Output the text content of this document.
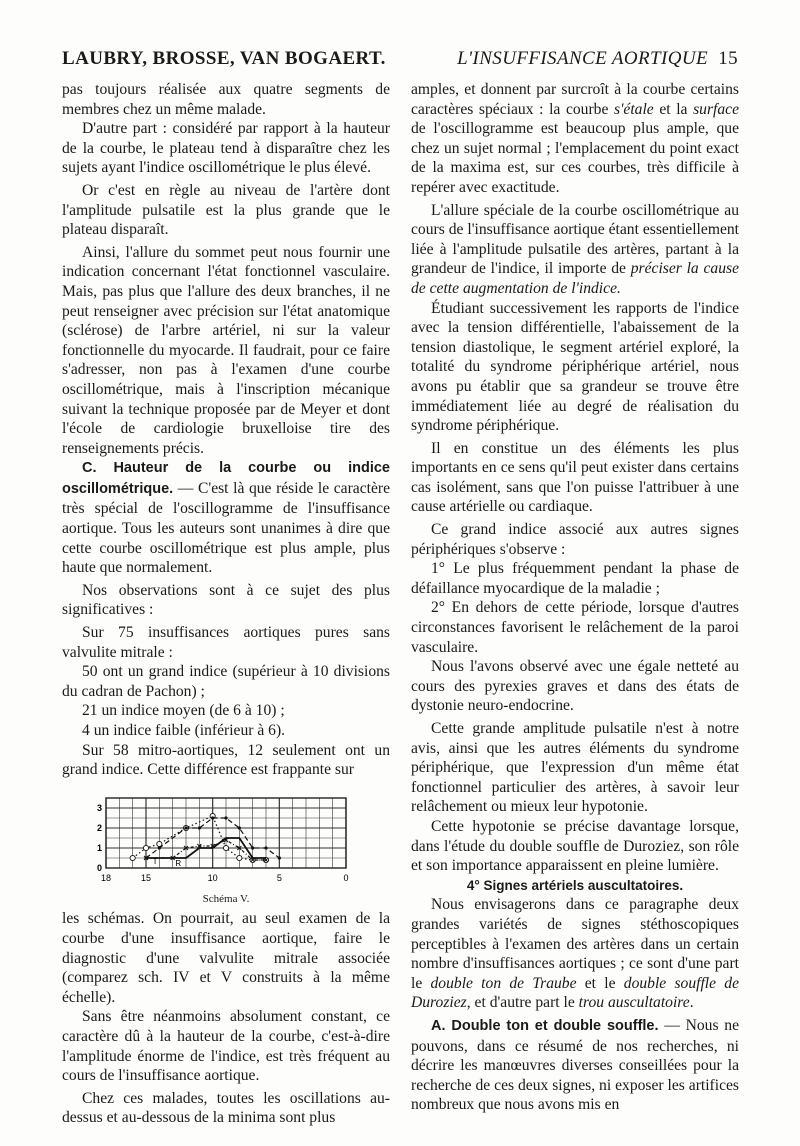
LAUBRY, BROSSE, VAN BOGAERT.	L'INSUFFISANCE AORTIQUE 15

pas toujours réalisée aux quatre segments de membres chez un même malade.

D'autre part : considéré par rapport à la hauteur de la courbe, le plateau tend à disparaître chez les sujets ayant l'indice oscillométrique le plus élevé.

Or c'est en règle au niveau de l'artère dont l'amplitude pulsatile est la plus grande que le plateau disparaît.

Ainsi, l'allure du sommet peut nous fournir une indication concernant l'état fonctionnel vasculaire. Mais, pas plus que l'allure des deux branches, il ne peut renseigner avec précision sur l'état anatomique (sclérose) de l'arbre artériel, ni sur la valeur fonctionnelle du myocarde. Il faudrait, pour ce faire s'adresser, non pas à l'examen d'une courbe oscillométrique, mais à l'inscription mécanique suivant la technique proposée par de Meyer et dont l'école de cardiologie bruxelloise tire des renseignements précis.

C. Hauteur de la courbe ou indice oscillométrique. — C'est là que réside le caractère très spécial de l'oscillogramme de l'insuffisance aortique. Tous les auteurs sont unanimes à dire que cette courbe oscillométrique est plus ample, plus haute que normalement.

Nos observations sont à ce sujet des plus significatives :

Sur 75 insuffisances aortiques pures sans valvulite mitrale :

50 ont un grand indice (supérieur à 10 divisions du cadran de Pachon) ;

21 un indice moyen (de 6 à 10) ;

4 un indice faible (inférieur à 6).

Sur 58 mitro-aortiques, 12 seulement ont un grand indice. Cette différence est frappante sur

18	15	10	5	0
0
1
2
3
T R

Schéma V.

les schémas. On pourrait, au seul examen de la courbe d'une insuffisance aortique, faire le diagnostic d'une valvulite mitrale associée (comparez sch. IV et V construits à la même échelle).

Sans être néanmoins absolument constant, ce caractère dû à la hauteur de la courbe, c'est-à-dire l'amplitude énorme de l'indice, est très fréquent au cours de l'insuffisance aortique.

Chez ces malades, toutes les oscillations au-dessus et au-dessous de la minima sont plus

amples, et donnent par surcroît à la courbe certains caractères spéciaux : la courbe s'étale et la surface de l'oscillogramme est beaucoup plus ample, que chez un sujet normal ; l'emplacement du point exact de la maxima est, sur ces courbes, très difficile à repérer avec exactitude.

L'allure spéciale de la courbe oscillométrique au cours de l'insuffisance aortique étant essentiellement liée à l'amplitude pulsatile des artères, partant à la grandeur de l'indice, il importe de préciser la cause de cette augmentation de l'indice.

Étudiant successivement les rapports de l'indice avec la tension différentielle, l'abaissement de la tension diastolique, le segment artériel exploré, la totalité du syndrome périphérique artériel, nous avons pu établir que sa grandeur se trouve être immédiatement liée au degré de réalisation du syndrome périphérique.

Il en constitue un des éléments les plus importants en ce sens qu'il peut exister dans certains cas isolément, sans que l'on puisse l'attribuer à une cause artérielle ou cardiaque.

Ce grand indice associé aux autres signes périphériques s'observe :

1° Le plus fréquemment pendant la phase de défaillance myocardique de la maladie ;

2° En dehors de cette période, lorsque d'autres circonstances favorisent le relâchement de la paroi vasculaire.

Nous l'avons observé avec une égale netteté au cours des pyrexies graves et dans des états de dystonie neuro-endocrine.

Cette grande amplitude pulsatile n'est à notre avis, ainsi que les autres éléments du syndrome périphérique, que l'expression d'un même état fonctionnel particulier des artères, à savoir leur relâchement ou mieux leur hypotonie.

Cette hypotonie se précise davantage lorsque, dans l'étude du double souffle de Duroziez, son rôle et son importance apparaissent en pleine lumière.

4° Signes artériels auscultatoires.

Nous envisagerons dans ce paragraphe deux grandes variétés de signes stéthoscopiques perceptibles à l'examen des artères dans un certain nombre d'insuffisances aortiques ; ce sont d'une part le double ton de Traube et le double souffle de Duroziez, et d'autre part le trou auscultatoire.

A. Double ton et double souffle. — Nous ne pouvons, dans ce résumé de nos recherches, ni décrire les manœuvres diverses conseillées pour la recherche de ces deux signes, ni exposer les artifices nombreux que nous avons mis en
